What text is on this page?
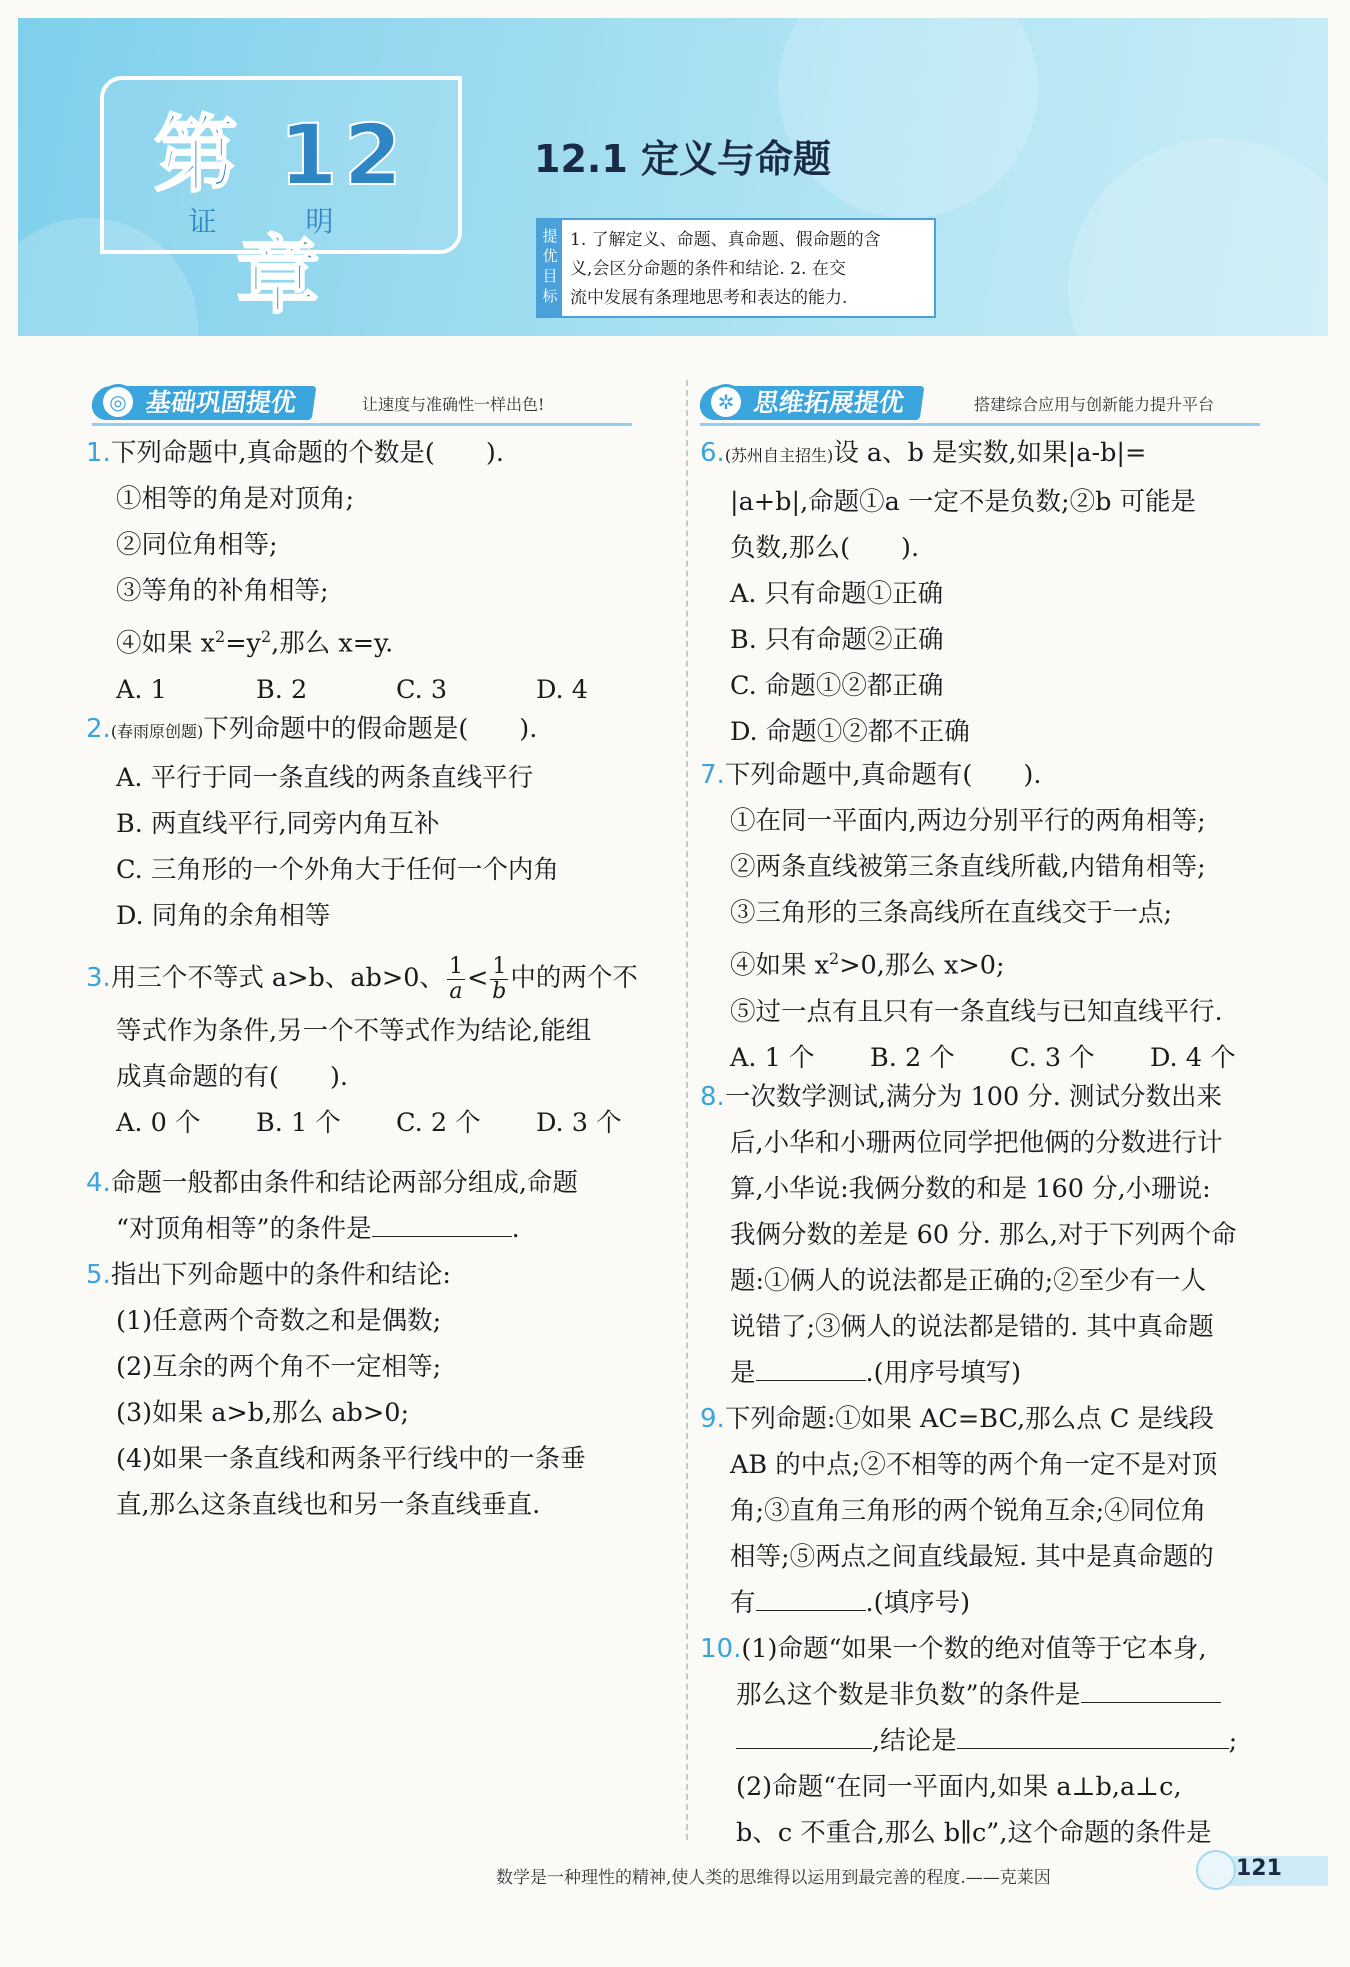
第 12 章
证 明
12.1 定义与命题
提优目标
1. 了解定义、命题、真命题、假命题的含
义,会区分命题的条件和结论. 2. 在交
流中发展有条理地思考和表达的能力.
基础巩固提优
◎	让速度与准确性一样出色!	思维拓展提优
✲	搭建综合应用与创新能力提升平台
1.下列命题中,真命题的个数是(　　).
①相等的角是对顶角;
②同位角相等;
③等角的补角相等;
④如果 $x^2=y^2$,那么 x=y.
A. 1	B. 2	C. 3	D. 4
2.(春雨原创题)下列命题中的假命题是(　　).
A. 平行于同一条直线的两条直线平行
B. 两直线平行,同旁内角互补
C. 三角形的一个外角大于任何一个内角
D. 同角的余角相等
3.用三个不等式 a>b、ab>0、 $\frac{1}{a} < \frac{1}{b}$ 中的两个不
等式作为条件,另一个不等式作为结论,能组
成真命题的有(　　).
A. 0 个	B. 1 个	C. 2 个	D. 3 个
4.命题一般都由条件和结论两部分组成,命题
“对顶角相等”的条件是	.
5.指出下列命题中的条件和结论:
(1)任意两个奇数之和是偶数;
(2)互余的两个角不一定相等;
(3)如果 a>b,那么 ab>0;
(4)如果一条直线和两条平行线中的一条垂
直,那么这条直线也和另一条直线垂直.
6.(苏州自主招生)设 a、b 是实数,如果|a-b|=
|a+b|,命题①a 一定不是负数;②b 可能是
负数,那么(　　).
A. 只有命题①正确
B. 只有命题②正确
C. 命题①②都正确
D. 命题①②都不正确
7.下列命题中,真命题有(　　).
①在同一平面内,两边分别平行的两角相等;
②两条直线被第三条直线所截,内错角相等;
③三角形的三条高线所在直线交于一点;
④如果 $x^2>0$,那么 x>0;
⑤过一点有且只有一条直线与已知直线平行.
A. 1 个	B. 2 个	C. 3 个	D. 4 个
8.一次数学测试,满分为 100 分. 测试分数出来
后,小华和小珊两位同学把他俩的分数进行计
算,小华说:我俩分数的和是 160 分,小珊说:
我俩分数的差是 60 分. 那么,对于下列两个命
题:①俩人的说法都是正确的;②至少有一人
说错了;③俩人的说法都是错的. 其中真命题
是	.(用序号填写)
9.下列命题:①如果 AC=BC,那么点 C 是线段
AB 的中点;②不相等的两个角一定不是对顶
角;③直角三角形的两个锐角互余;④同位角
相等;⑤两点之间直线最短. 其中是真命题的
有	.(填序号)
10.(1)命题“如果一个数的绝对值等于它本身,
那么这个数是非负数”的条件是
,结论是	;
(2)命题“在同一平面内,如果 a⊥b,a⊥c,
b、c 不重合,那么 b∥c”,这个命题的条件是
数学是一种理性的精神,使人类的思维得以运用到最完善的程度.——克莱因	121
